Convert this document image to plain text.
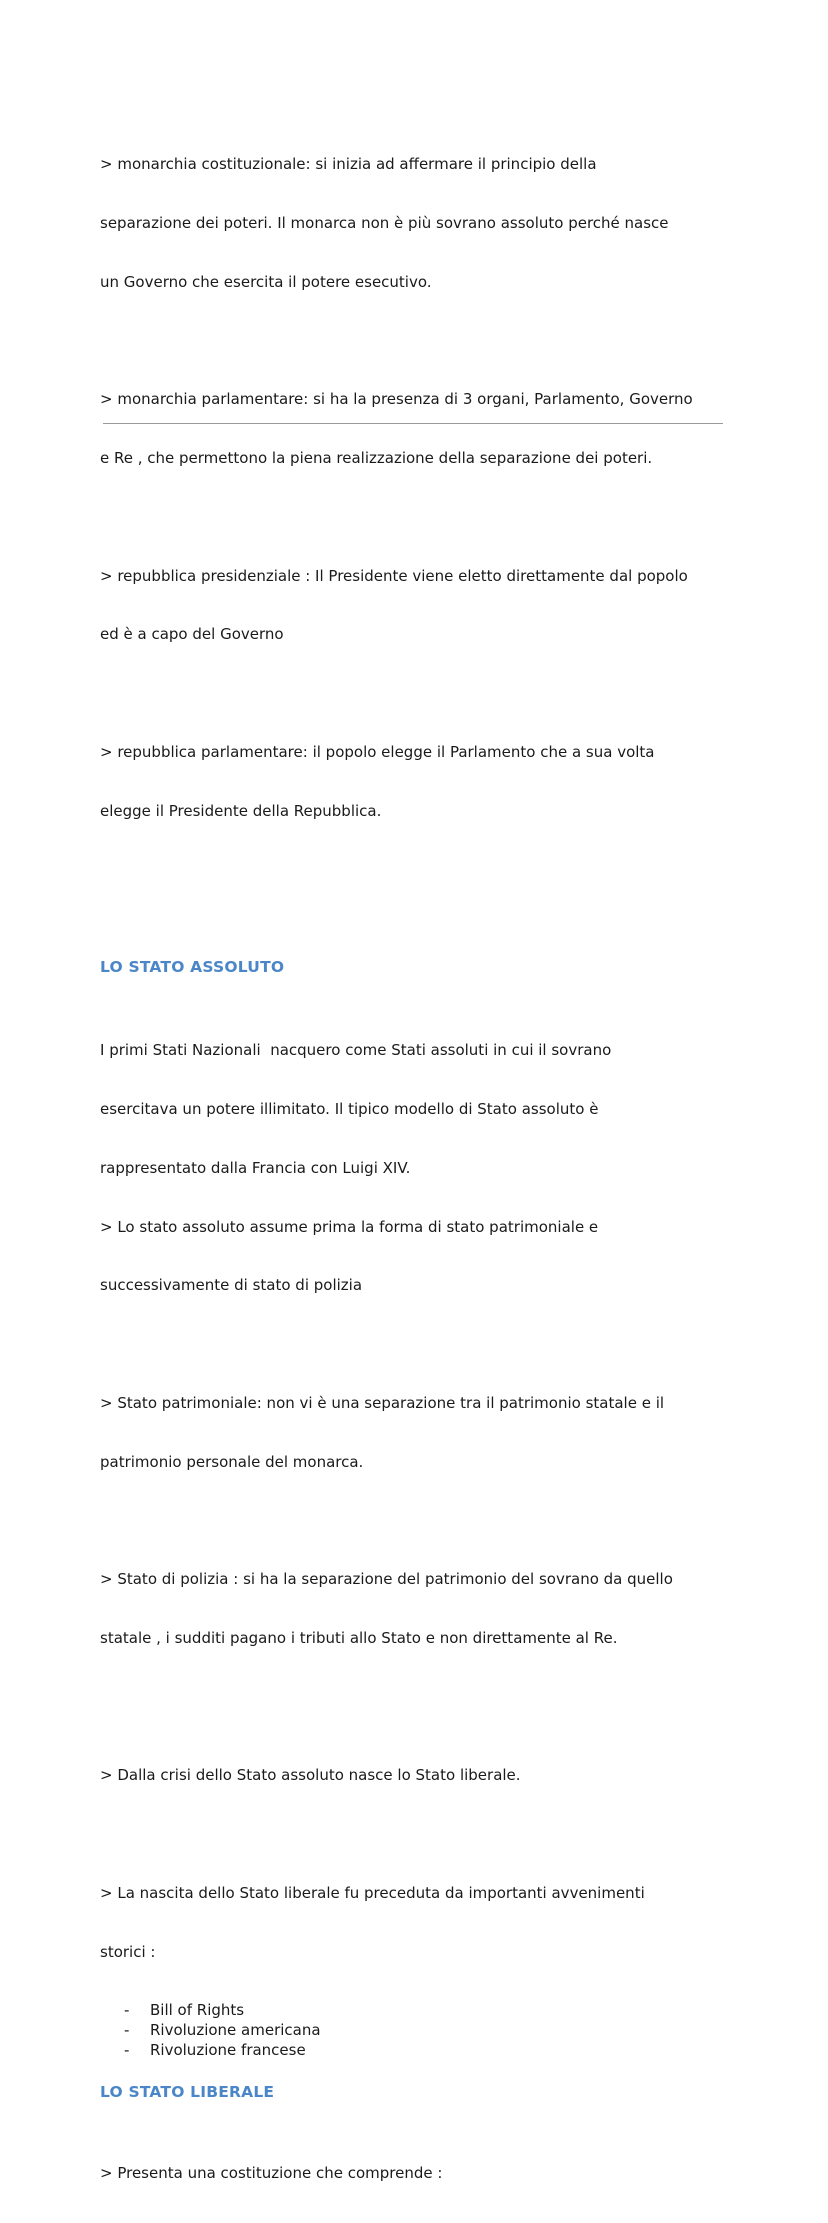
> monarchia costituzionale: si inizia ad affermare il principio della

separazione dei poteri. Il monarca non è più sovrano assoluto perché nasce

un Governo che esercita il potere esecutivo.

> monarchia parlamentare: si ha la presenza di 3 organi, Parlamento, Governo

e Re , che permettono la piena realizzazione della separazione dei poteri.

> repubblica presidenziale : Il Presidente viene eletto direttamente dal popolo

ed è a capo del Governo

> repubblica parlamentare: il popolo elegge il Parlamento che a sua volta

elegge il Presidente della Repubblica.

LO STATO ASSOLUTO

I primi Stati Nazionali  nacquero come Stati assoluti in cui il sovrano

esercitava un potere illimitato. Il tipico modello di Stato assoluto è

rappresentato dalla Francia con Luigi XIV.

> Lo stato assoluto assume prima la forma di stato patrimoniale e

successivamente di stato di polizia

> Stato patrimoniale: non vi è una separazione tra il patrimonio statale e il

patrimonio personale del monarca.

> Stato di polizia : si ha la separazione del patrimonio del sovrano da quello

statale , i sudditi pagano i tributi allo Stato e non direttamente al Re.

> Dalla crisi dello Stato assoluto nasce lo Stato liberale.

> La nascita dello Stato liberale fu preceduta da importanti avvenimenti

storici :

-	Bill of Rights
-	Rivoluzione americana
-	Rivoluzione francese
LO STATO LIBERALE

> Presenta una costituzione che comprende :
